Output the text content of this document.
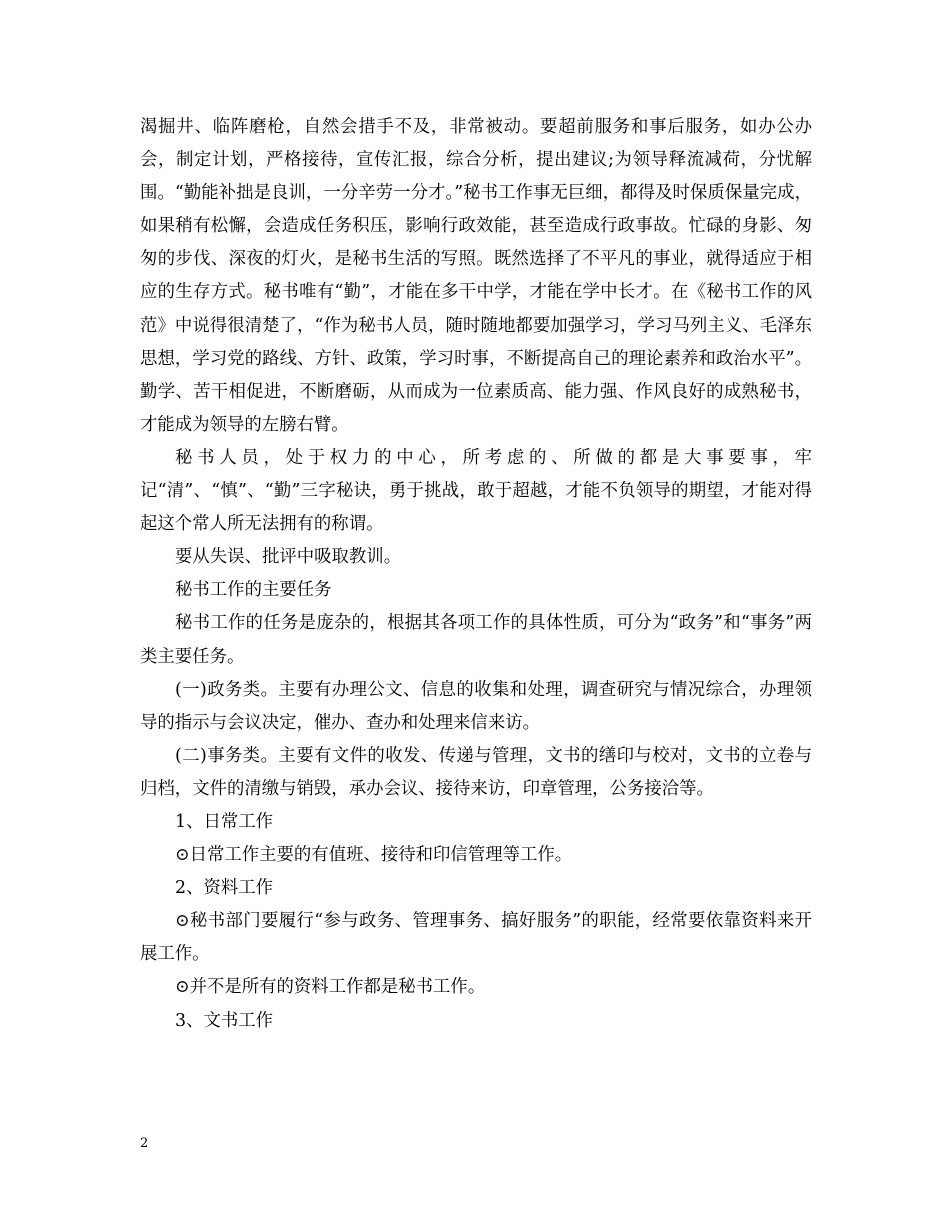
渴掘井、临阵磨枪，自然会措手不及，非常被动。要超前服务和事后服务，如办公办会，制定计划，严格接待，宣传汇报，综合分析，提出建议;为领导释流减荷，分忧解围。“勤能补拙是良训，一分辛劳一分才。”秘书工作事无巨细，都得及时保质保量完成，如果稍有松懈，会造成任务积压，影响行政效能，甚至造成行政事故。忙碌的身影、匆匆的步伐、深夜的灯火，是秘书生活的写照。既然选择了不平凡的事业，就得适应于相应的生存方式。秘书唯有“勤”，才能在多干中学，才能在学中长才。在《秘书工作的风范》中说得很清楚了，“作为秘书人员，随时随地都要加强学习，学习马列主义、毛泽东思想，学习党的路线、方针、政策，学习时事，不断提高自己的理论素养和政治水平”。勤学、苦干相促进，不断磨砺，从而成为一位素质高、能力强、作风良好的成熟秘书，才能成为领导的左膀右臂。

秘书人员，处于权力的中心，所考虑的、所做的都是大事要事，牢记“清”、“慎”、“勤”三字秘诀，勇于挑战，敢于超越，才能不负领导的期望，才能对得起这个常人所无法拥有的称谓。

要从失误、批评中吸取教训。

秘书工作的主要任务

秘书工作的任务是庞杂的，根据其各项工作的具体性质，可分为“政务”和“事务”两类主要任务。

(一)政务类。主要有办理公文、信息的收集和处理，调查研究与情况综合，办理领导的指示与会议决定，催办、查办和处理来信来访。

(二)事务类。主要有文件的收发、传递与管理，文书的缮印与校对，文书的立卷与归档，文件的清缴与销毁，承办会议、接待来访，印章管理，公务接洽等。

1、日常工作

⊙日常工作主要的有值班、接待和印信管理等工作。

2、资料工作

⊙秘书部门要履行“参与政务、管理事务、搞好服务”的职能，经常要依靠资料来开展工作。

⊙并不是所有的资料工作都是秘书工作。

3、文书工作

2
